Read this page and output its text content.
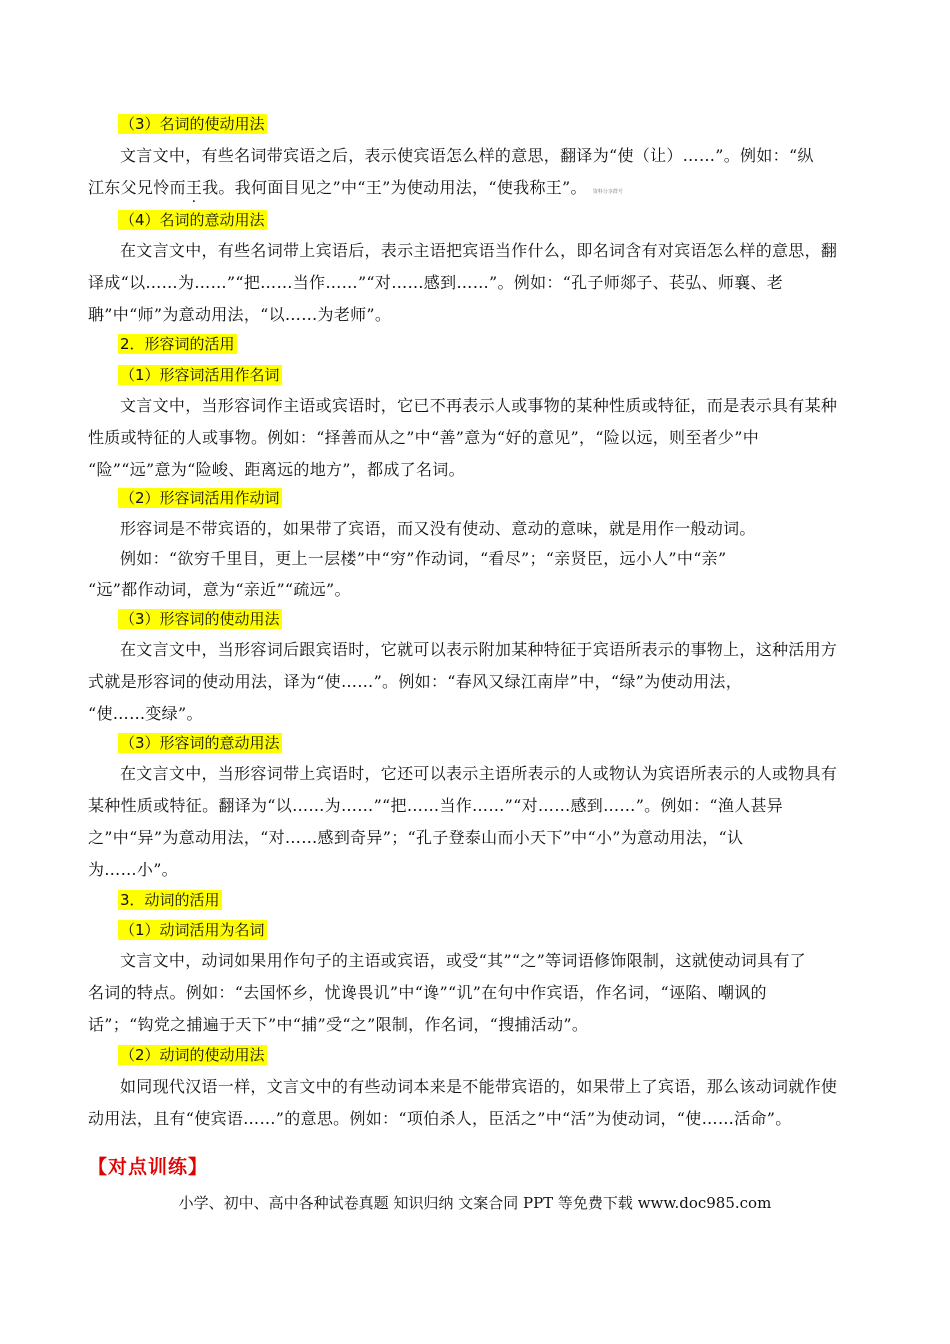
（3）名词的使动用法
文言文中，有些名词带宾语之后，表示使宾语怎么样的意思，翻译为“使（让）……”。例如：“纵
江东父兄怜而王我。我何面目见之”中“王”为使动用法，“使我称王”。 资料分享群号
（4）名词的意动用法
在文言文中，有些名词带上宾语后，表示主语把宾语当作什么，即名词含有对宾语怎么样的意思，翻
译成“以……为……”“把……当作……”“对……感到……”。例如：“孔子师郯子、苌弘、师襄、老
聃”中“师”为意动用法，“以……为老师”。
2．形容词的活用
（1）形容词活用作名词
文言文中，当形容词作主语或宾语时，它已不再表示人或事物的某种性质或特征，而是表示具有某种
性质或特征的人或事物。例如：“择善而从之”中“善”意为“好的意见”，“险以远，则至者少”中
“险”“远”意为“险峻、距离远的地方”，都成了名词。
（2）形容词活用作动词
形容词是不带宾语的，如果带了宾语，而又没有使动、意动的意味，就是用作一般动词。
例如：“欲穷千里目，更上一层楼”中“穷”作动词，“看尽”；“亲贤臣，远小人”中“亲”
“远”都作动词，意为“亲近”“疏远”。
（3）形容词的使动用法
在文言文中，当形容词后跟宾语时，它就可以表示附加某种特征于宾语所表示的事物上，这种活用方
式就是形容词的使动用法，译为“使……”。例如：“春风又绿江南岸”中，“绿”为使动用法，
“使……变绿”。
（3）形容词的意动用法
在文言文中，当形容词带上宾语时，它还可以表示主语所表示的人或物认为宾语所表示的人或物具有
某种性质或特征。翻译为“以……为……”“把……当作……”“对……感到……”。例如：“渔人甚异
之”中“异”为意动用法，“对……感到奇异”；“孔子登泰山而小天下”中“小”为意动用法，“认
为……小”。
3．动词的活用
（1）动词活用为名词
文言文中，动词如果用作句子的主语或宾语，或受“其”“之”等词语修饰限制，这就使动词具有了
名词的特点。例如：“去国怀乡，忧谗畏讥”中“谗”“讥”在句中作宾语，作名词，“诬陷、嘲讽的
话”；“钩党之捕遍于天下”中“捕”受“之”限制，作名词，“搜捕活动”。
（2）动词的使动用法
如同现代汉语一样，文言文中的有些动词本来是不能带宾语的，如果带上了宾语，那么该动词就作使
动用法，且有“使宾语……”的意思。例如：“项伯杀人，臣活之”中“活”为使动词，“使……活命”。
【对点训练】
小学、初中、高中各种试卷真题 知识归纳 文案合同 PPT 等免费下载 www.doc985.com
